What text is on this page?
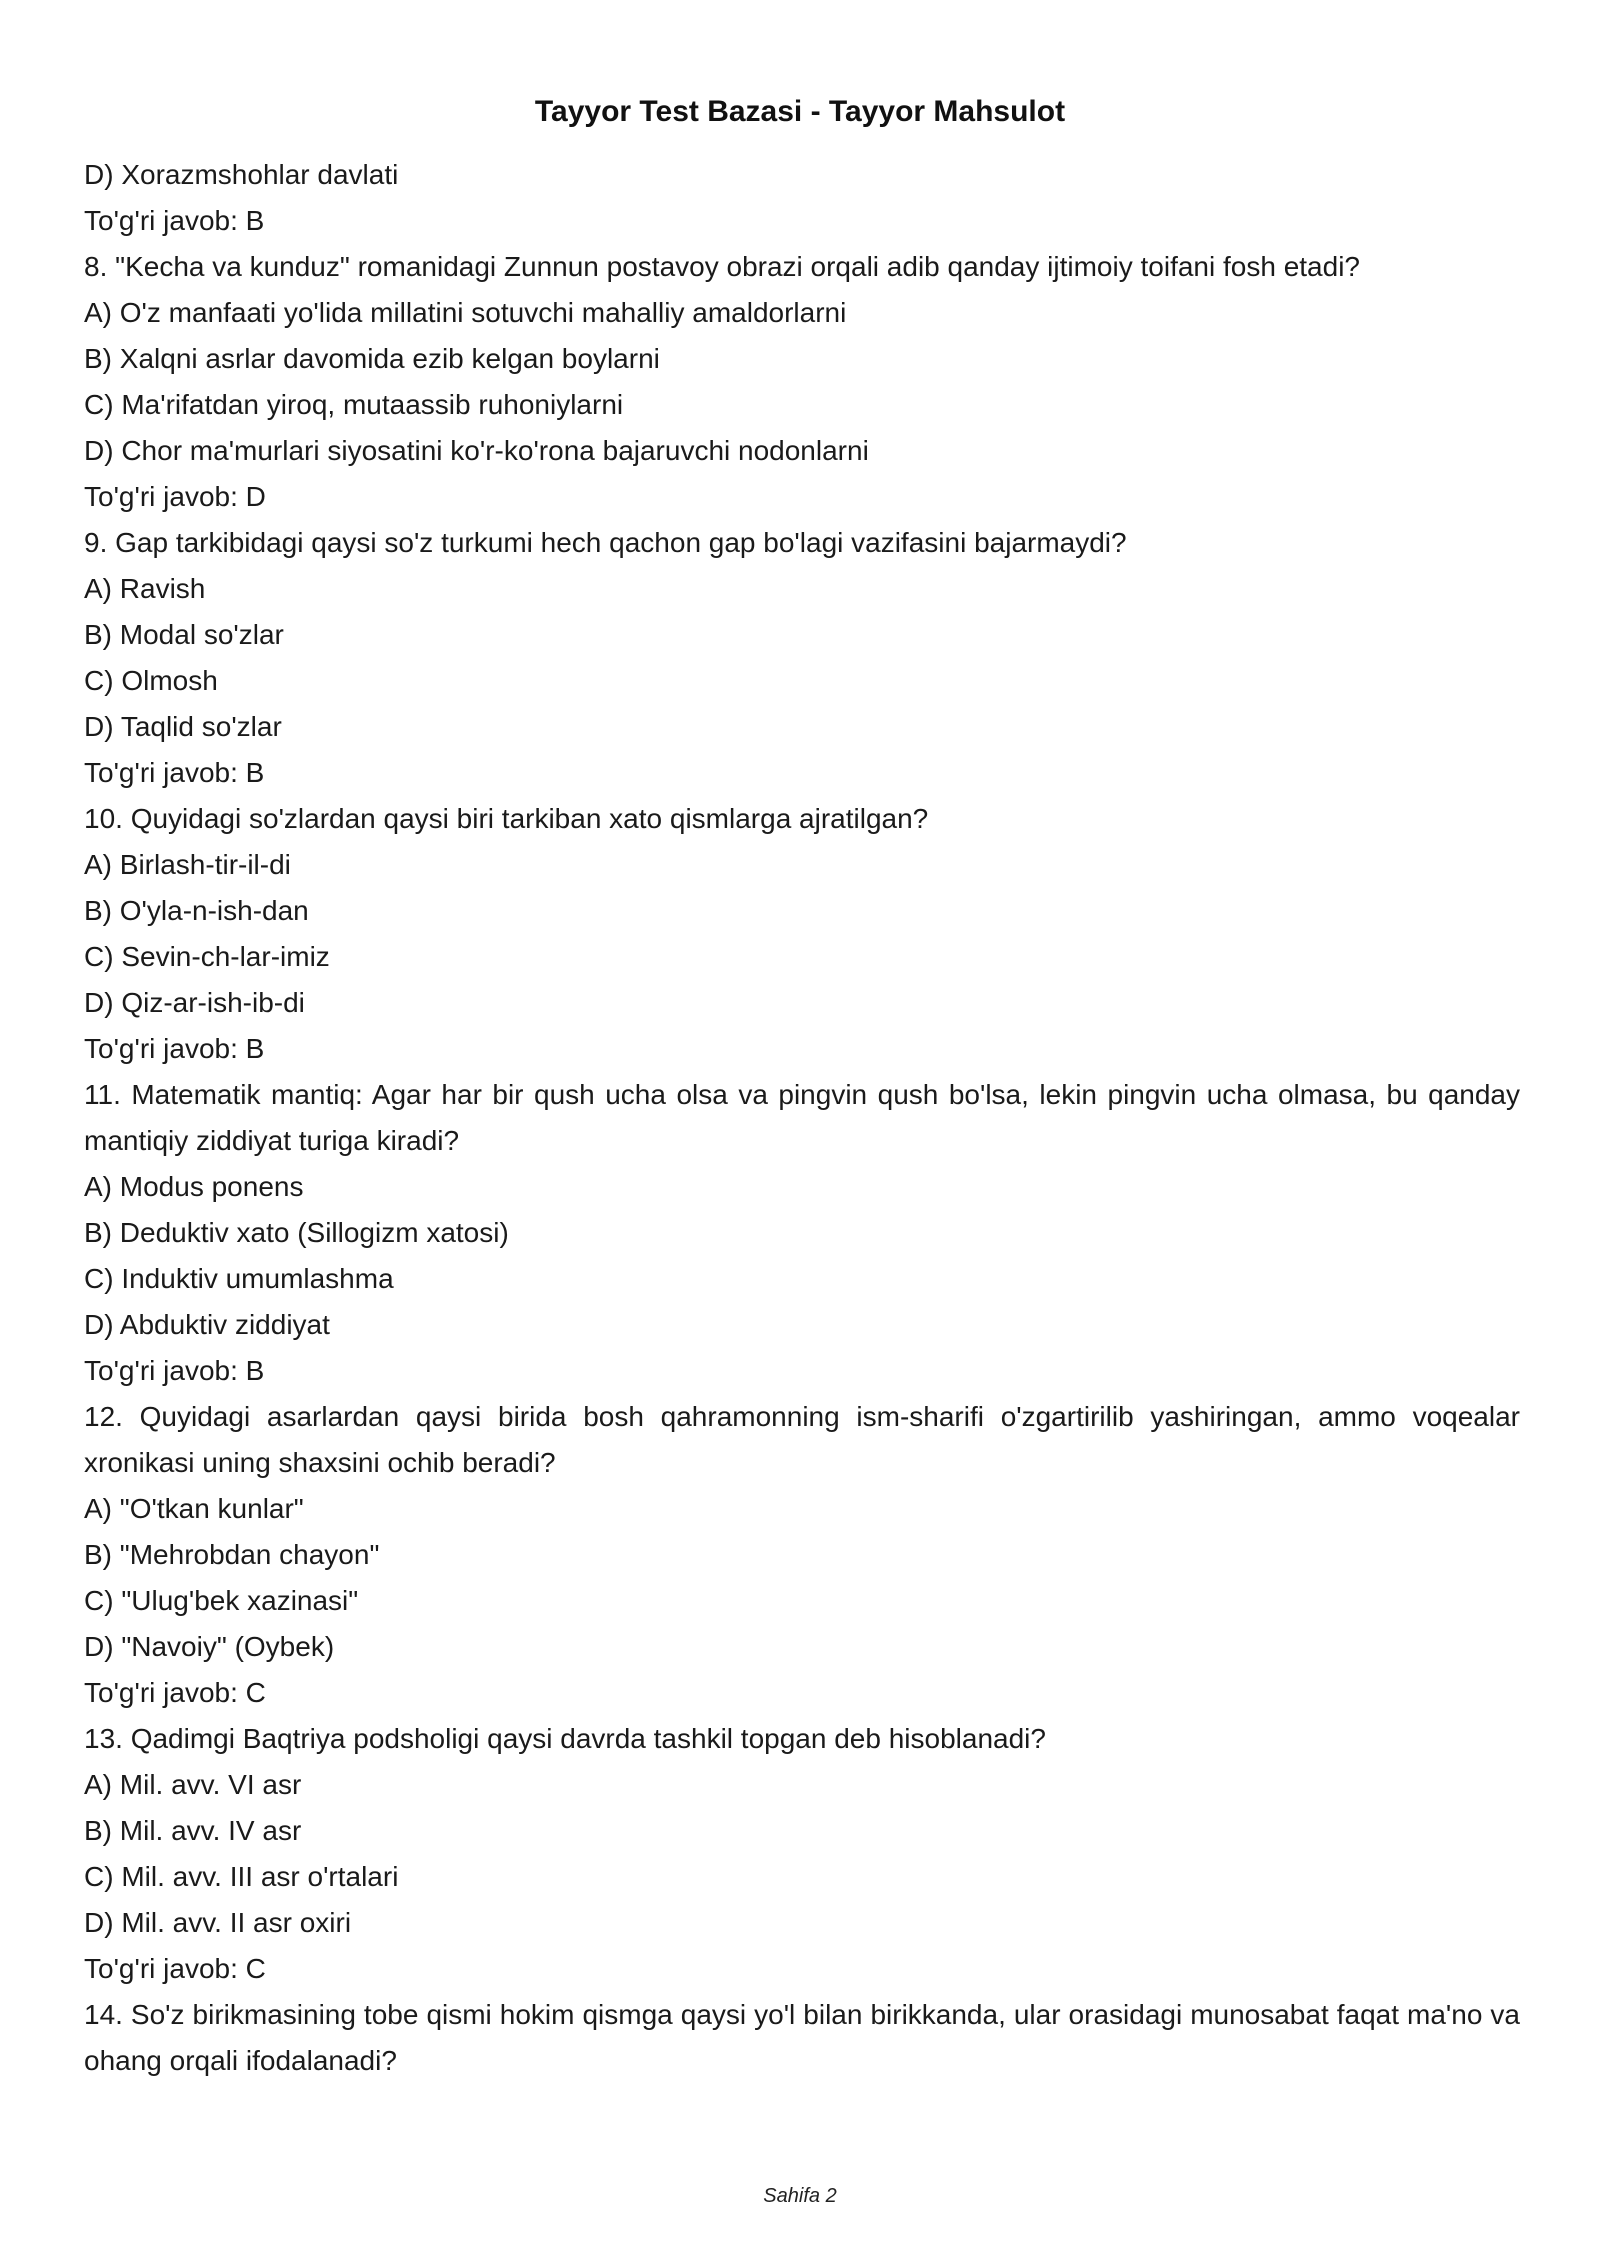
Tayyor Test Bazasi - Tayyor Mahsulot
D) Xorazmshohlar davlati
To'g'ri javob: B
8. "Kecha va kunduz" romanidagi Zunnun postavoy obrazi orqali adib qanday ijtimoiy toifani fosh etadi?
A) O'z manfaati yo'lida millatini sotuvchi mahalliy amaldorlarni
B) Xalqni asrlar davomida ezib kelgan boylarni
C) Ma'rifatdan yiroq, mutaassib ruhoniylarni
D) Chor ma'murlari siyosatini ko'r-ko'rona bajaruvchi nodonlarni
To'g'ri javob: D
9. Gap tarkibidagi qaysi so'z turkumi hech qachon gap bo'lagi vazifasini bajarmaydi?
A) Ravish
B) Modal so'zlar
C) Olmosh
D) Taqlid so'zlar
To'g'ri javob: B
10. Quyidagi so'zlardan qaysi biri tarkiban xato qismlarga ajratilgan?
A) Birlash-tir-il-di
B) O'yla-n-ish-dan
C) Sevin-ch-lar-imiz
D) Qiz-ar-ish-ib-di
To'g'ri javob: B
11. Matematik mantiq: Agar har bir qush ucha olsa va pingvin qush bo'lsa, lekin pingvin ucha olmasa, bu qanday mantiqiy ziddiyat turiga kiradi?
A) Modus ponens
B) Deduktiv xato (Sillogizm xatosi)
C) Induktiv umumlashma
D) Abduktiv ziddiyat
To'g'ri javob: B
12. Quyidagi asarlardan qaysi birida bosh qahramonning ism-sharifi o'zgartirilib yashiringan, ammo voqealar xronikasi uning shaxsini ochib beradi?
A) "O'tkan kunlar"
B) "Mehrobdan chayon"
C) "Ulug'bek xazinasi"
D) "Navoiy" (Oybek)
To'g'ri javob: C
13. Qadimgi Baqtriya podsholigi qaysi davrda tashkil topgan deb hisoblanadi?
A) Mil. avv. VI asr
B) Mil. avv. IV asr
C) Mil. avv. III asr o'rtalari
D) Mil. avv. II asr oxiri
To'g'ri javob: C
14. So'z birikmasining tobe qismi hokim qismga qaysi yo'l bilan birikkanda, ular orasidagi munosabat faqat ma'no va ohang orqali ifodalanadi?
Sahifa 2
